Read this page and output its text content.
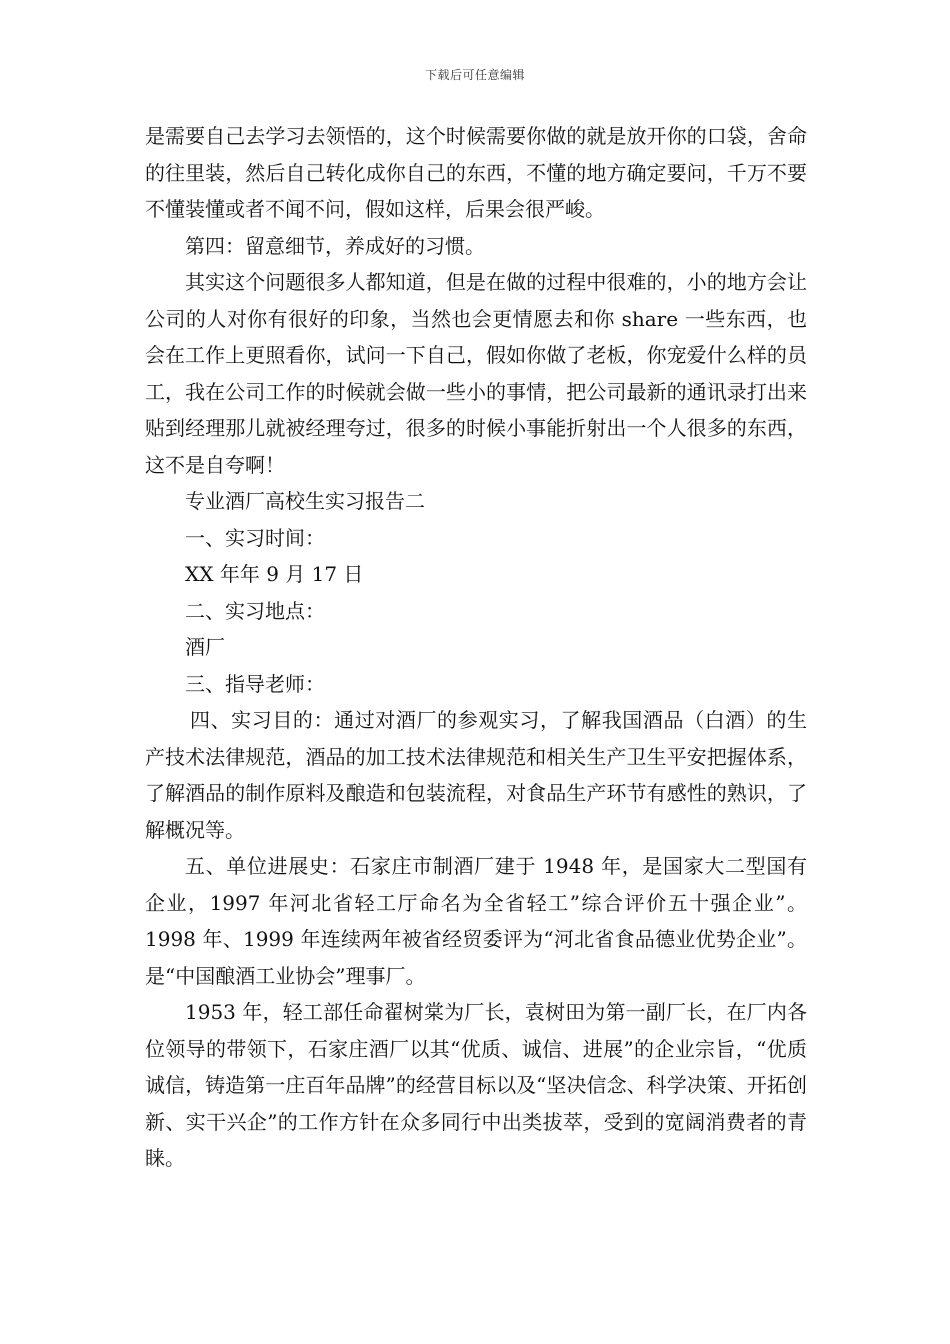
下载后可任意编辑

是需要自己去学习去领悟的，这个时候需要你做的就是放开你的口袋，舍命的往里装，然后自己转化成你自己的东西，不懂的地方确定要问，千万不要不懂装懂或者不闻不问，假如这样，后果会很严峻。

第四：留意细节，养成好的习惯。

其实这个问题很多人都知道，但是在做的过程中很难的，小的地方会让公司的人对你有很好的印象，当然也会更情愿去和你 share 一些东西，也会在工作上更照看你，试问一下自己，假如你做了老板，你宠爱什么样的员工，我在公司工作的时候就会做一些小的事情，把公司最新的通讯录打出来贴到经理那儿就被经理夸过，很多的时候小事能折射出一个人很多的东西，这不是自夸啊！

专业酒厂高校生实习报告二

一、实习时间：

XX 年年 9 月 17 日

二、实习地点：

酒厂

三、指导老师：

四、实习目的：通过对酒厂的参观实习，了解我国酒品（白酒）的生产技术法律规范，酒品的加工技术法律规范和相关生产卫生平安把握体系，了解酒品的制作原料及酿造和包装流程，对食品生产环节有感性的熟识，了解概况等。

五、单位进展史：石家庄市制酒厂建于 1948 年，是国家大二型国有企业，1997 年河北省轻工厅命名为全省轻工”综合评价五十强企业”。1998 年、1999 年连续两年被省经贸委评为“河北省食品德业优势企业”。是“中国酿酒工业协会”理事厂。

1953 年，轻工部任命翟树棠为厂长，袁树田为第一副厂长，在厂内各位领导的带领下，石家庄酒厂以其“优质、诚信、进展”的企业宗旨，“优质诚信，铸造第一庄百年品牌”的经营目标以及“坚决信念、科学决策、开拓创新、实干兴企”的工作方针在众多同行中出类拔萃，受到的宽阔消费者的青睐。
